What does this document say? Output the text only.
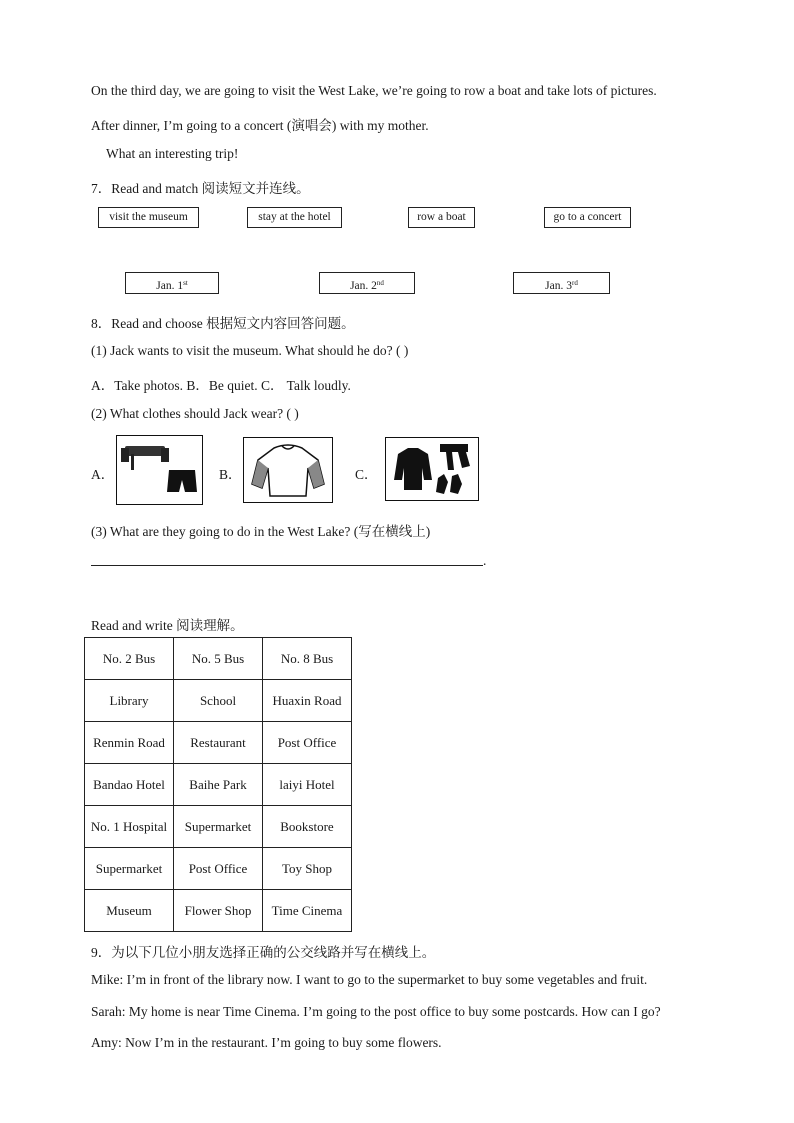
On the third day, we are going to visit the West Lake, we’re going to row a boat and take lots of pictures.
After dinner, I’m going to a concert (演唱会) with my mother.
What an interesting trip!
7．Read and match 阅读短文并连线。
visit the museum	stay at the hotel	row a boat	go to a concert
Jan. 1st	Jan. 2nd	Jan. 3rd
8．Read and choose 根据短文内容回答问题。
(1) Jack wants to visit the museum. What should he do? ( )
A．Take photos. B．Be quiet. C． Talk loudly.
(2) What clothes should Jack wear? ( )
A．	B．	C．
(3) What are they going to do in the West Lake? (写在横线上)
.
Read and write 阅读理解。
No. 2 Bus	No. 5 Bus	No. 8 Bus
Library	School	Huaxin Road
Renmin Road	Restaurant	Post Office
Bandao Hotel	Baihe Park	laiyi Hotel
No. 1 Hospital	Supermarket	Bookstore
Supermarket	Post Office	Toy Shop
Museum	Flower Shop	Time Cinema
9．为以下几位小朋友选择正确的公交线路并写在横线上。
Mike: I’m in front of the library now. I want to go to the supermarket to buy some vegetables and fruit.
Sarah: My home is near Time Cinema. I’m going to the post office to buy some postcards. How can I go?
Amy: Now I’m in the restaurant. I’m going to buy some flowers.
